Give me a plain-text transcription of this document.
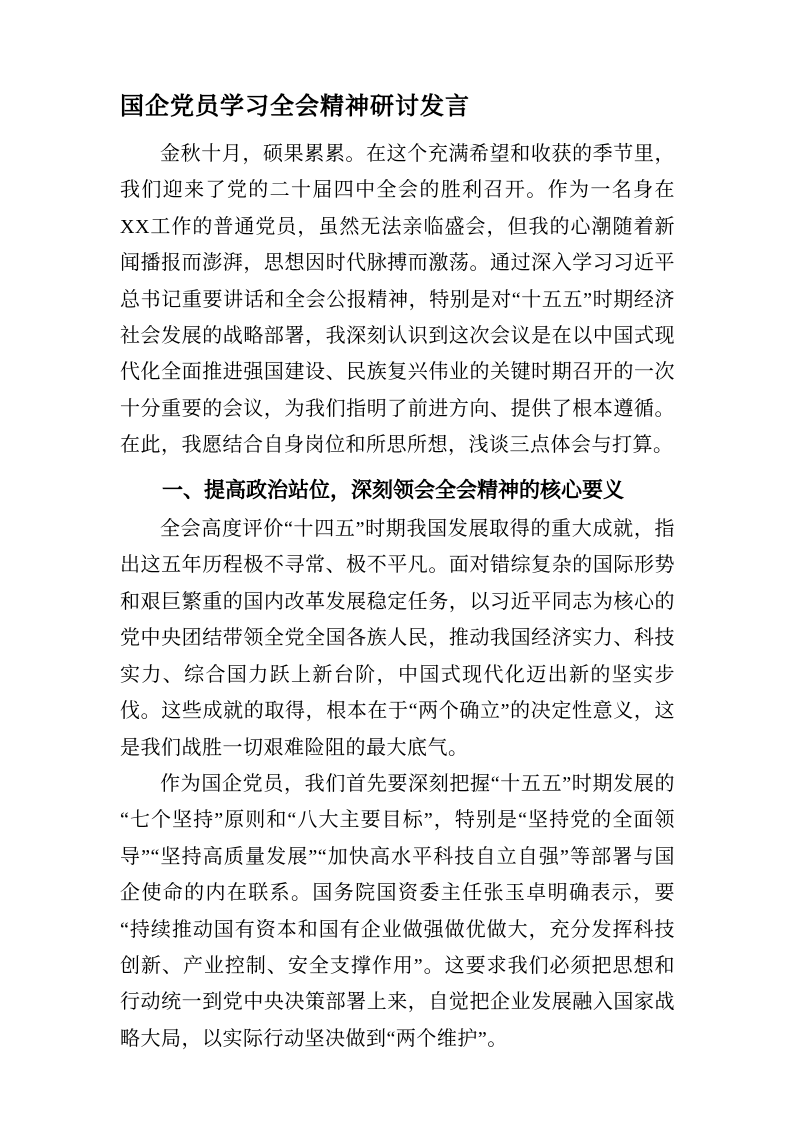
国企党员学习全会精神研讨发言

金秋十月，硕果累累。在这个充满希望和收获的季节里，我们迎来了党的二十届四中全会的胜利召开。作为一名身在XX工作的普通党员，虽然无法亲临盛会，但我的心潮随着新闻播报而澎湃，思想因时代脉搏而激荡。通过深入学习习近平总书记重要讲话和全会公报精神，特别是对“十五五”时期经济社会发展的战略部署，我深刻认识到这次会议是在以中国式现代化全面推进强国建设、民族复兴伟业的关键时期召开的一次十分重要的会议，为我们指明了前进方向、提供了根本遵循。在此，我愿结合自身岗位和所思所想，浅谈三点体会与打算。

一、提高政治站位，深刻领会全会精神的核心要义

全会高度评价“十四五”时期我国发展取得的重大成就，指出这五年历程极不寻常、极不平凡。面对错综复杂的国际形势和艰巨繁重的国内改革发展稳定任务，以习近平同志为核心的党中央团结带领全党全国各族人民，推动我国经济实力、科技实力、综合国力跃上新台阶，中国式现代化迈出新的坚实步伐。这些成就的取得，根本在于“两个确立”的决定性意义，这是我们战胜一切艰难险阻的最大底气。

作为国企党员，我们首先要深刻把握“十五五”时期发展的“七个坚持”原则和“八大主要目标”，特别是“坚持党的全面领导”“坚持高质量发展”“加快高水平科技自立自强”等部署与国企使命的内在联系。国务院国资委主任张玉卓明确表示，要“持续推动国有资本和国有企业做强做优做大，充分发挥科技创新、产业控制、安全支撑作用”。这要求我们必须把思想和行动统一到党中央决策部署上来，自觉把企业发展融入国家战略大局，以实际行动坚决做到“两个维护”。
